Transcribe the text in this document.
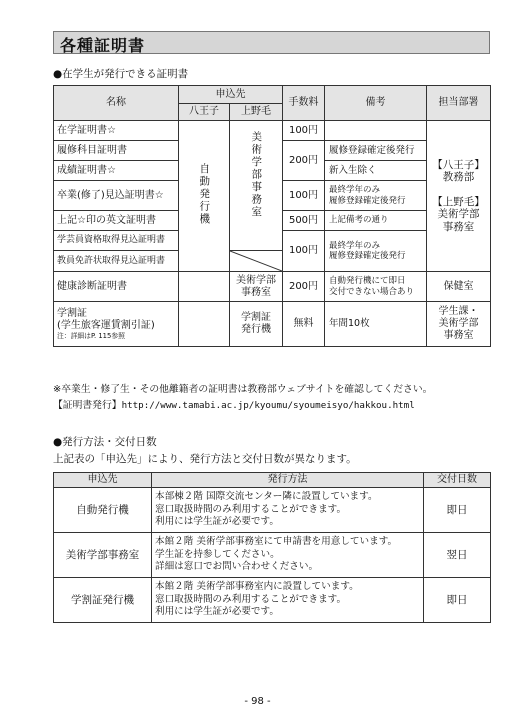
各種証明書
●在学生が発行できる証明書
名称	申込先		手数料	備考	担当部署
	八王子	上野毛			
在学証明書☆	自動発行機	美術学部事務室	100円		【八王子】
教務部

【上野毛】
美術学部
事務室
履修科目証明書			200円	履修登録確定後発行	
成績証明書☆				新入生除く	
卒業(修了)見込証明書☆			100円	最終学年のみ
履修登録確定後発行	
上記☆印の英文証明書			500円	上記備考の通り	
学芸員資格取得見込証明書			100円	最終学年のみ
履修登録確定後発行	
教員免許状取得見込証明書	

健康診断証明書		美術学部
事務室	200円	自動発行機にて即日
交付できない場合あり	保健室
学割証
(学生旅客運賃割引証)
注：詳細はP. 115参照		学割証
発行機	無料	年間10枚	学生課・
美術学部
事務室
※卒業生・修了生・その他離籍者の証明書は教務部ウェブサイトを確認してください。
【証明書発行】http://www.tamabi.ac.jp/kyoumu/syoumeisyo/hakkou.html
●発行方法・交付日数
上記表の「申込先」により、発行方法と交付日数が異なります。
申込先	発行方法	交付日数
自動発行機	本部棟２階 国際交流センター隣に設置しています。
窓口取扱時間のみ利用することができます。
利用には学生証が必要です。	即日
美術学部事務室	本館２階 美術学部事務室にて申請書を用意しています。
学生証を持参してください。
詳細は窓口でお問い合わせください。	翌日
学割証発行機	本館２階 美術学部事務室内に設置しています。
窓口取扱時間のみ利用することができます。
利用には学生証が必要です。	即日
- 98 -
